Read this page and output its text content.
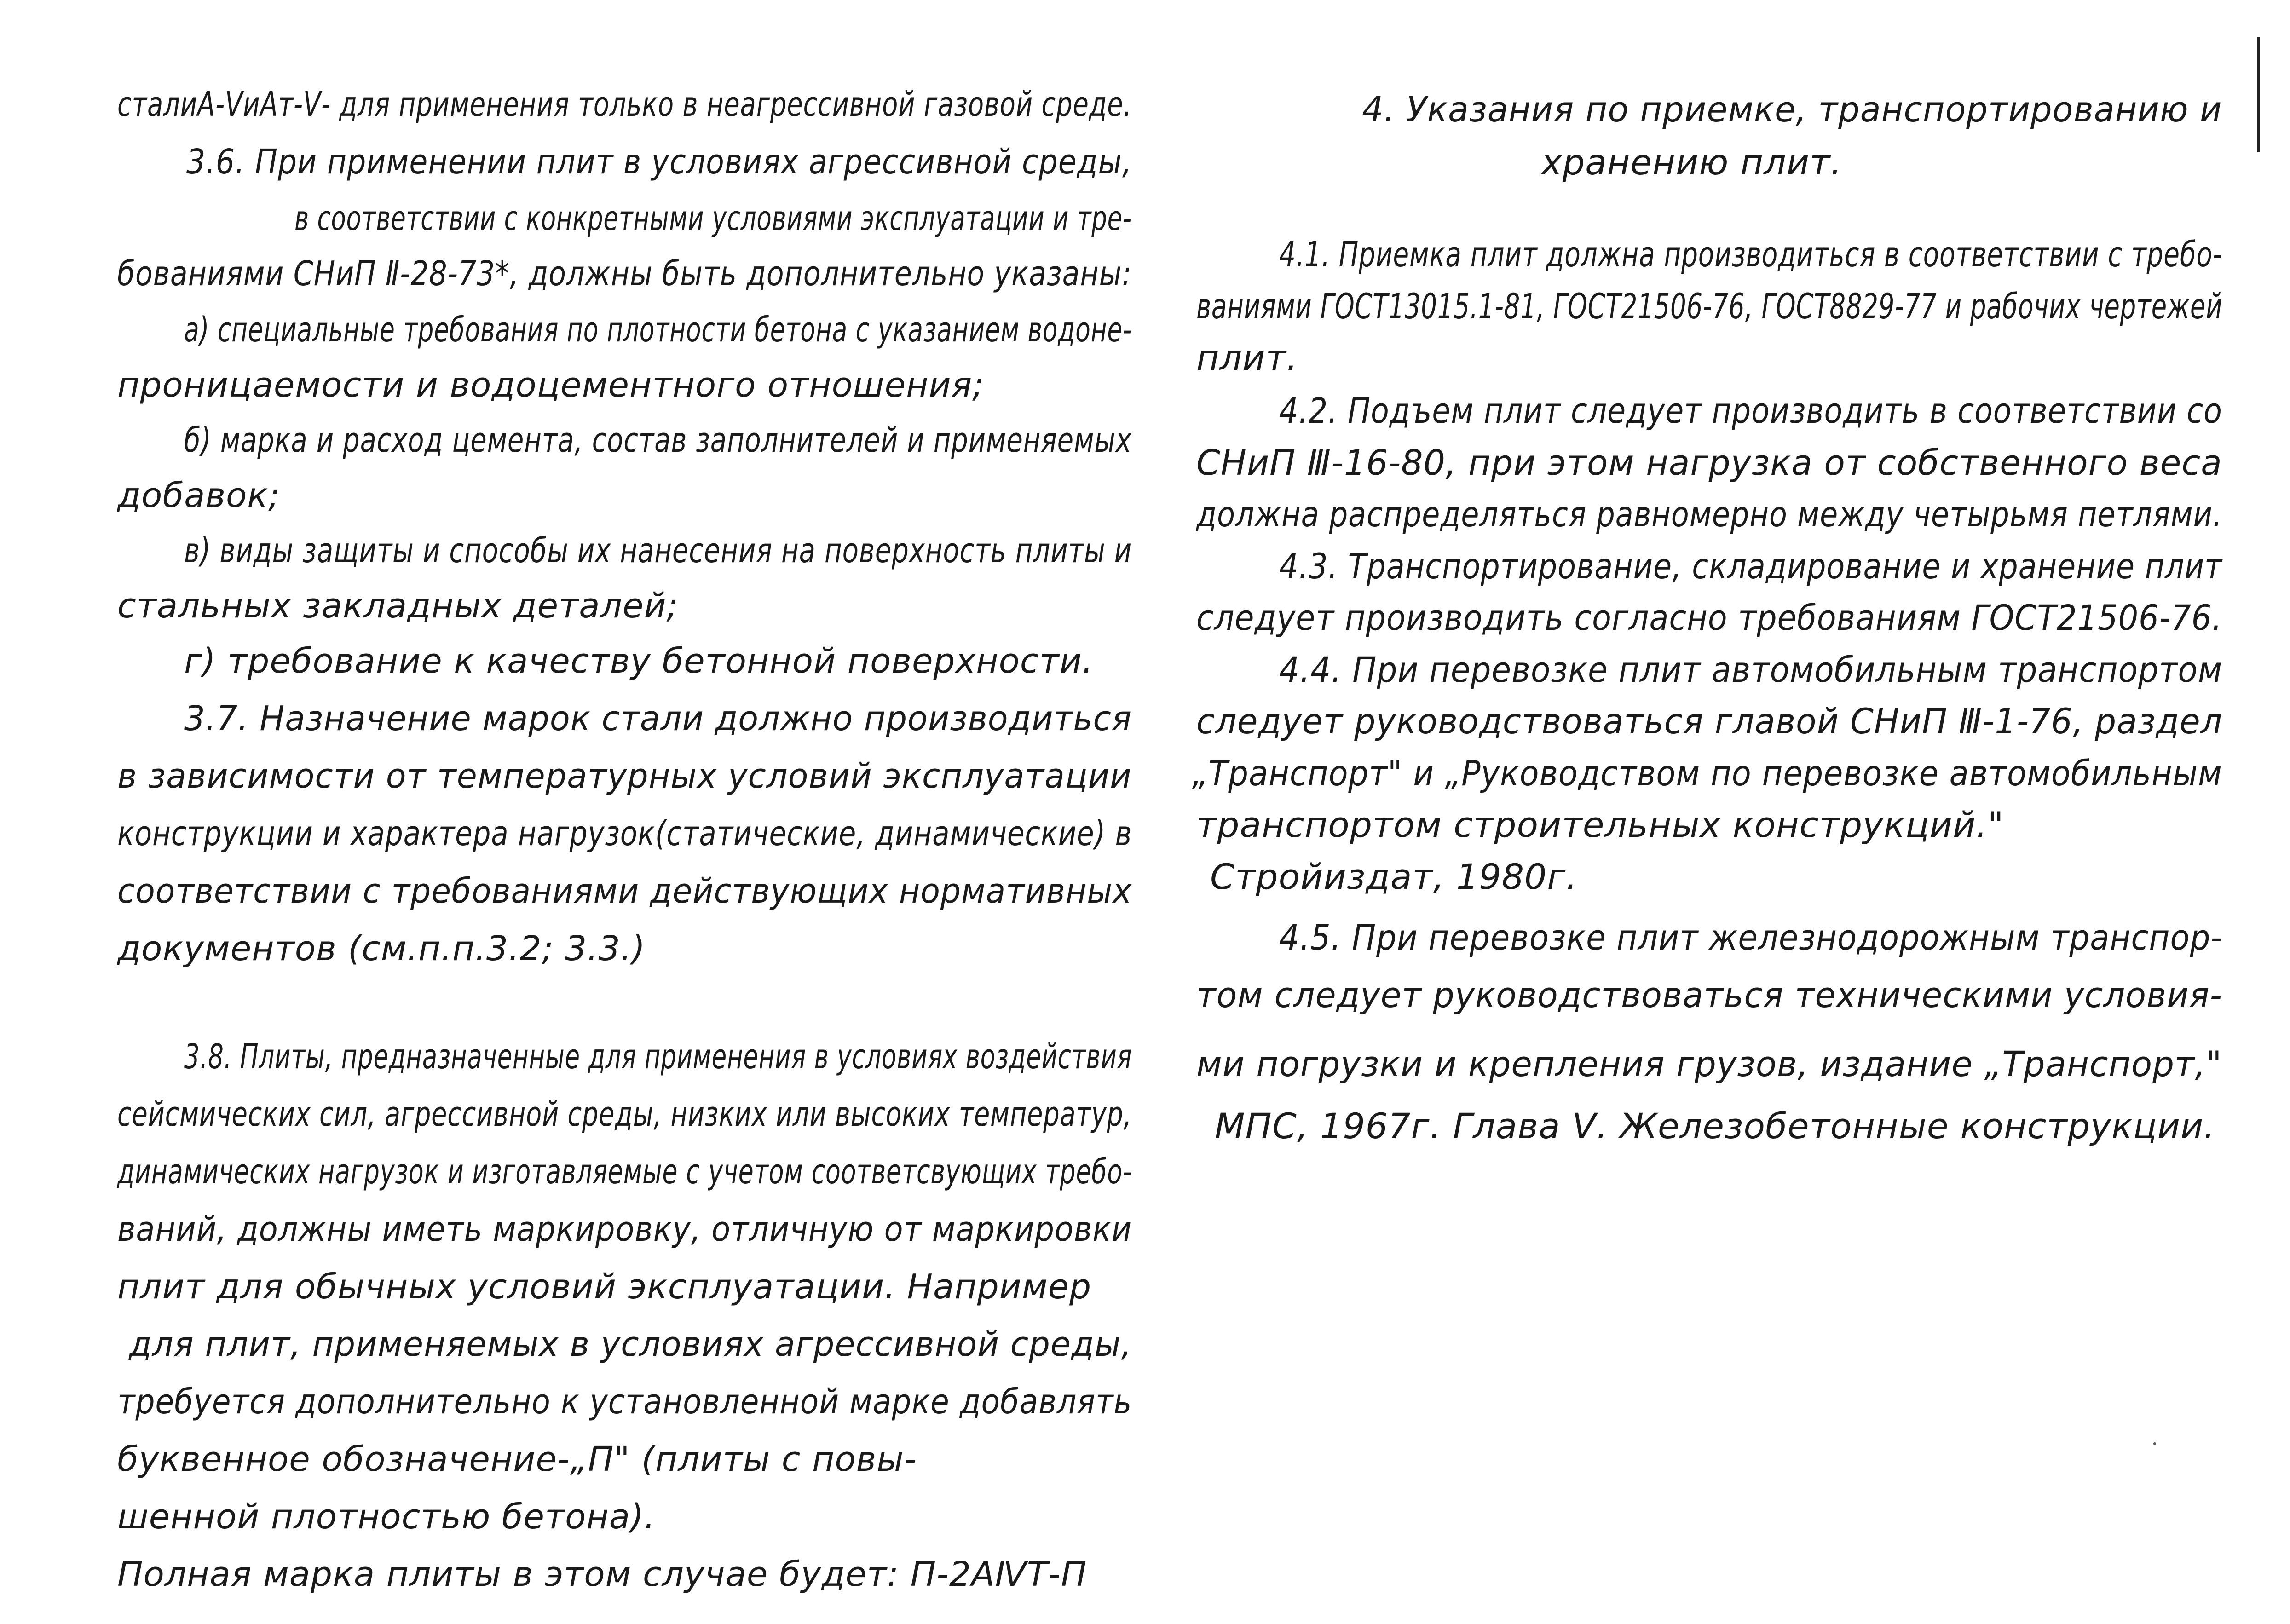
сталиА-ⅤиАт-Ⅴ- для применения только в неагрессивной газовой среде.
3.6. При применении плит в условиях агрессивной среды,
в соответствии с конкретными условиями эксплуатации и тре-
бованиями СНиП Ⅱ-28-73*, должны быть дополнительно указаны:
а) специальные требования по плотности бетона с указанием водоне-
проницаемости и водоцементного отношения;
б) марка и расход цемента, состав заполнителей и применяемых
добавок;
в) виды защиты и способы их нанесения на поверхность плиты и
стальных закладных деталей;
г) требование к качеству бетонной поверхности.
3.7. Назначение марок стали должно производиться
в зависимости от температурных условий эксплуатации
конструкции и характера нагрузок(статические, динамические) в
соответствии с требованиями действующих нормативных
документов (см.п.п.3.2; 3.3.)
3.8. Плиты, предназначенные для применения в условиях воздействия
сейсмических сил, агрессивной среды, низких или высоких температур,
динамических нагрузок и изготавляемые с учетом соответсвующих требо-
ваний, должны иметь маркировку, отличную от маркировки
плит для обычных условий эксплуатации. Например
для плит, применяемых в условиях агрессивной среды,
требуется дополнительно к установленной марке добавлять
буквенное обозначение-„П" (плиты с повы-
шенной плотностью бетона).
Полная марка плиты в этом случае будет: П-2АⅣТ-П
4. Указания по приемке, транспортированию и
хранению плит.
4.1. Приемка плит должна производиться в соответствии с требо-
ваниями ГОСТ13015.1-81, ГОСТ21506-76, ГОСТ8829-77 и рабочих чертежей
плит.
4.2. Подъем плит следует производить в соответствии со
СНиП Ⅲ-16-80, при этом нагрузка от собственного веса
должна распределяться равномерно между четырьмя петлями.
4.3. Транспортирование, складирование и хранение плит
следует производить согласно требованиям ГОСТ21506-76.
4.4. При перевозке плит автомобильным транспортом
следует руководствоваться главой СНиП Ⅲ-1-76, раздел
„Транспорт" и „Руководством по перевозке автомобильным
транспортом строительных конструкций."
Стройиздат, 1980г.
4.5. При перевозке плит железнодорожным транспор-
том следует руководствоваться техническими условия-
ми погрузки и крепления грузов, издание „Транспорт,"
МПС, 1967г. Глава Ⅴ. Железобетонные конструкции.
